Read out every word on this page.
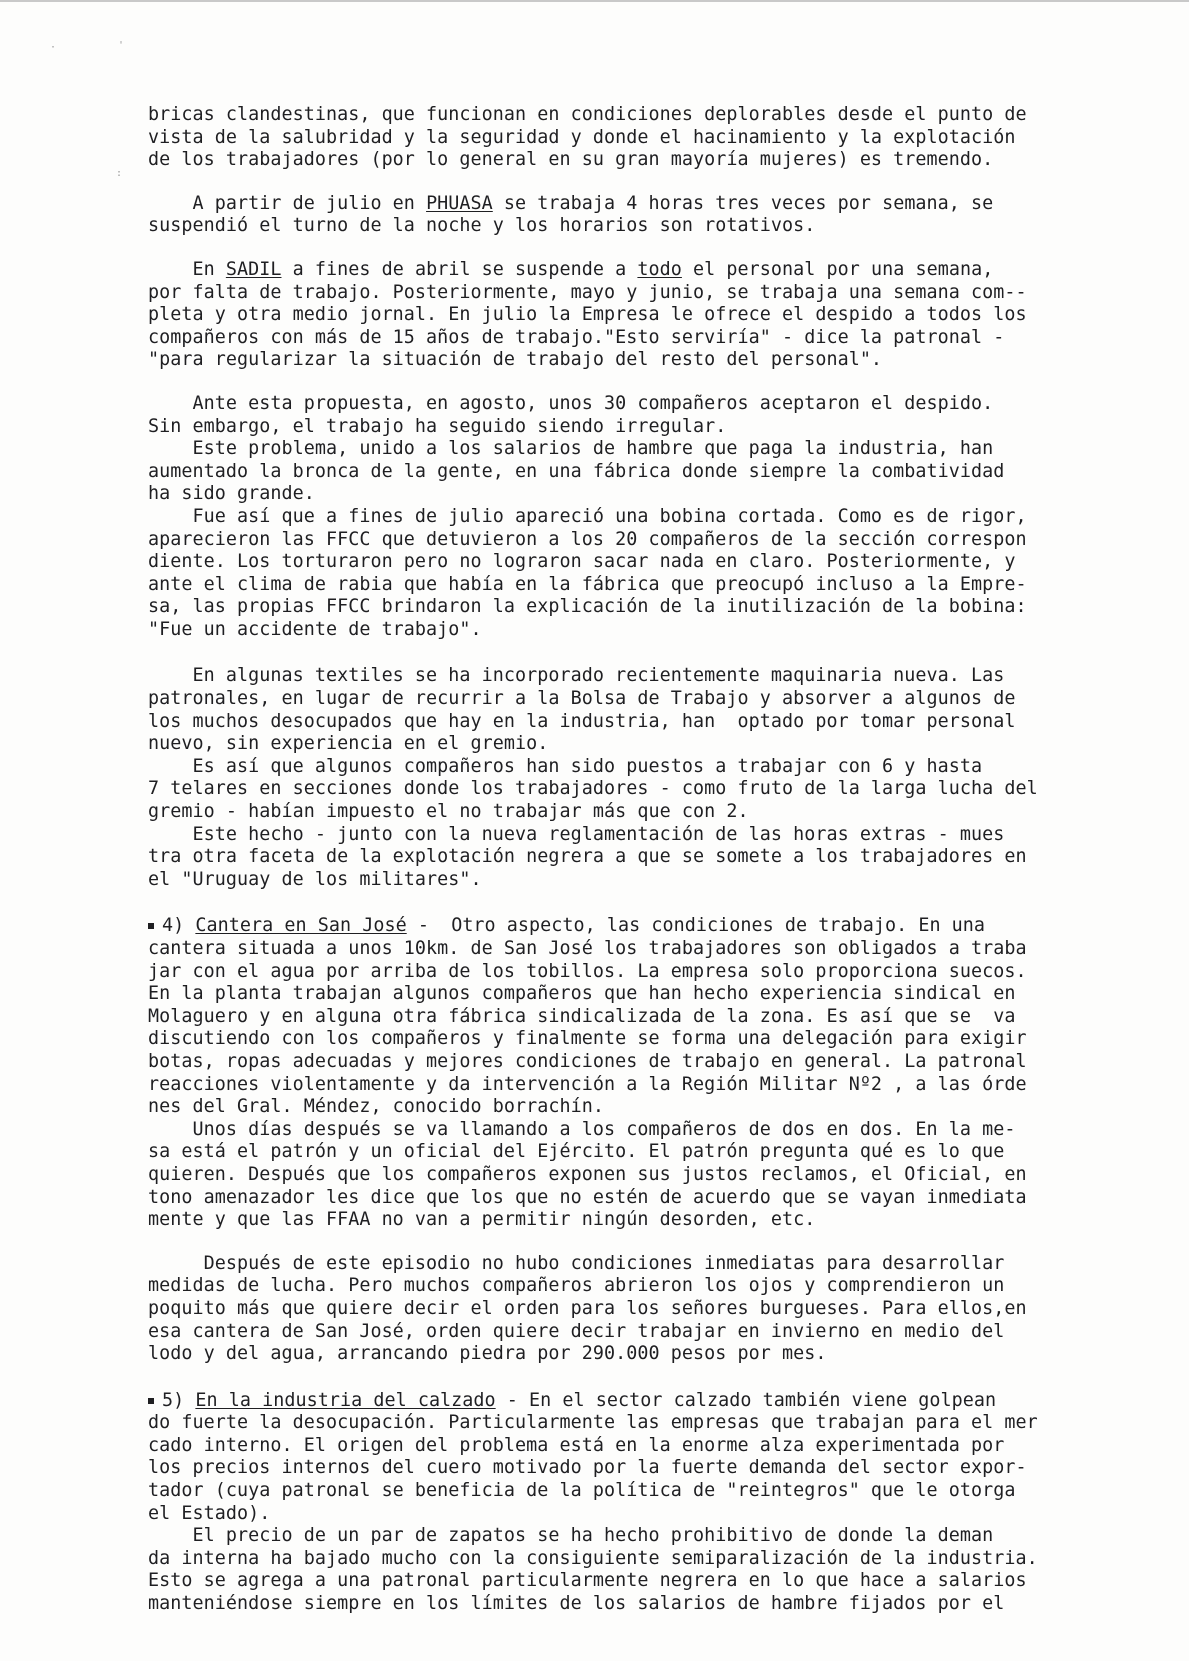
·	'
:
bricas clandestinas, que funcionan en condiciones deplorables desde el punto de
vista de la salubridad y la seguridad y donde el hacinamiento y la explotación
de los trabajadores (por lo general en su gran mayoría mujeres) es tremendo.
A partir de julio en PHUASA se trabaja 4 horas tres veces por semana, se
suspendió el turno de la noche y los horarios son rotativos.
En SADIL a fines de abril se suspende a todo el personal por una semana,
por falta de trabajo. Posteriormente, mayo y junio, se trabaja una semana com--
pleta y otra medio jornal. En julio la Empresa le ofrece el despido a todos los
compañeros con más de 15 años de trabajo."Esto serviría" - dice la patronal -
"para regularizar la situación de trabajo del resto del personal".
Ante esta propuesta, en agosto, unos 30 compañeros aceptaron el despido.
Sin embargo, el trabajo ha seguido siendo irregular.
Este problema, unido a los salarios de hambre que paga la industria, han
aumentado la bronca de la gente, en una fábrica donde siempre la combatividad
ha sido grande.
Fue así que a fines de julio apareció una bobina cortada. Como es de rigor,
aparecieron las FFCC que detuvieron a los 20 compañeros de la sección correspon
diente. Los torturaron pero no lograron sacar nada en claro. Posteriormente, y
ante el clima de rabia que había en la fábrica que preocupó incluso a la Empre-
sa, las propias FFCC brindaron la explicación de la inutilización de la bobina:
"Fue un accidente de trabajo".
En algunas textiles se ha incorporado recientemente maquinaria nueva. Las
patronales, en lugar de recurrir a la Bolsa de Trabajo y absorver a algunos de
los muchos desocupados que hay en la industria, han  optado por tomar personal
nuevo, sin experiencia en el gremio.
Es así que algunos compañeros han sido puestos a trabajar con 6 y hasta
7 telares en secciones donde los trabajadores - como fruto de la larga lucha del
gremio - habían impuesto el no trabajar más que con 2.
Este hecho - junto con la nueva reglamentación de las horas extras - mues
tra otra faceta de la explotación negrera a que se somete a los trabajadores en
el "Uruguay de los militares".
4) Cantera en San José -  Otro aspecto, las condiciones de trabajo. En una
cantera situada a unos 10km. de San José los trabajadores son obligados a traba
jar con el agua por arriba de los tobillos. La empresa solo proporciona suecos.
En la planta trabajan algunos compañeros que han hecho experiencia sindical en
Molaguero y en alguna otra fábrica sindicalizada de la zona. Es así que se  va
discutiendo con los compañeros y finalmente se forma una delegación para exigir
botas, ropas adecuadas y mejores condiciones de trabajo en general. La patronal
reacciones violentamente y da intervención a la Región Militar Nº2 , a las órde
nes del Gral. Méndez, conocido borrachín.
Unos días después se va llamando a los compañeros de dos en dos. En la me-
sa está el patrón y un oficial del Ejército. El patrón pregunta qué es lo que
quieren. Después que los compañeros exponen sus justos reclamos, el Oficial, en
tono amenazador les dice que los que no estén de acuerdo que se vayan inmediata
mente y que las FFAA no van a permitir ningún desorden, etc.
Después de este episodio no hubo condiciones inmediatas para desarrollar
medidas de lucha. Pero muchos compañeros abrieron los ojos y comprendieron un
poquito más que quiere decir el orden para los señores burgueses. Para ellos,en
esa cantera de San José, orden quiere decir trabajar en invierno en medio del
lodo y del agua, arrancando piedra por 290.000 pesos por mes.
5) En la industria del calzado - En el sector calzado también viene golpean
do fuerte la desocupación. Particularmente las empresas que trabajan para el mer
cado interno. El origen del problema está en la enorme alza experimentada por
los precios internos del cuero motivado por la fuerte demanda del sector expor-
tador (cuya patronal se beneficia de la política de "reintegros" que le otorga
el Estado).
El precio de un par de zapatos se ha hecho prohibitivo de donde la deman
da interna ha bajado mucho con la consiguiente semiparalización de la industria.
Esto se agrega a una patronal particularmente negrera en lo que hace a salarios
manteniéndose siempre en los límites de los salarios de hambre fijados por el
